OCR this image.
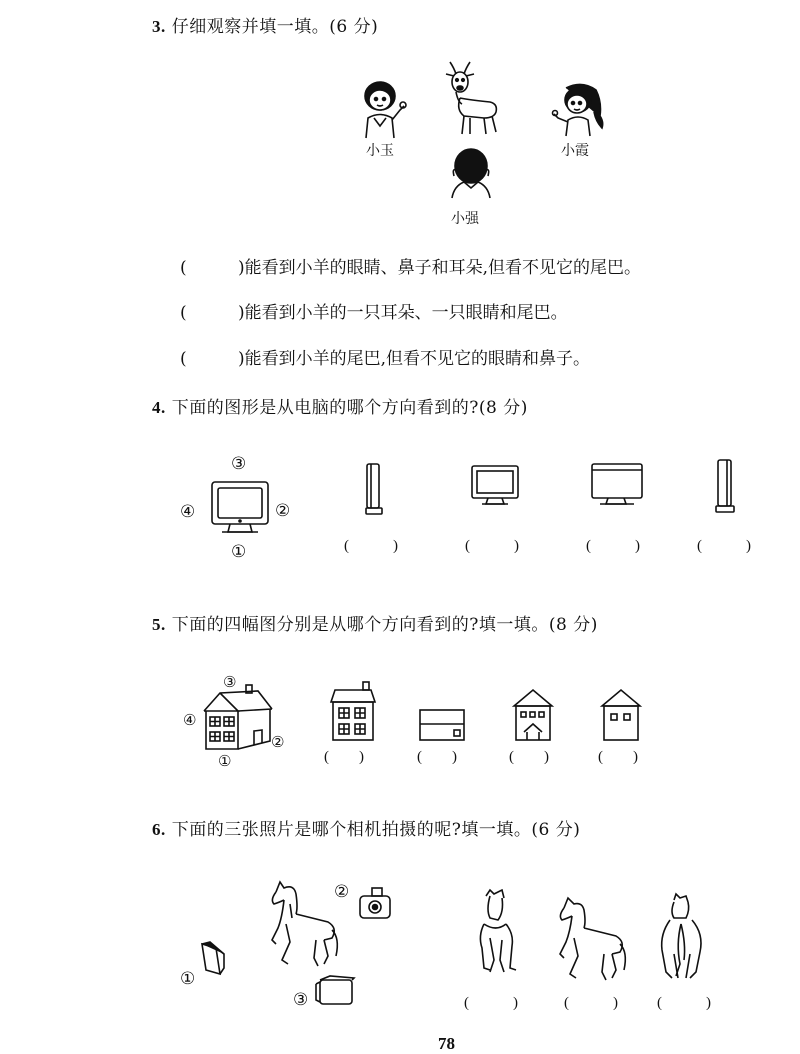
3. 仔细观察并填一填。(6 分)
小玉	小霞
小强
(	)能看到小羊的眼睛、鼻子和耳朵,但看不见它的尾巴。
(	)能看到小羊的一只耳朵、一只眼睛和尾巴。
(	)能看到小羊的尾巴,但看不见它的眼睛和鼻子。
4. 下面的图形是从电脑的哪个方向看到的?(8 分)
③
②
①
④
(	)	(	)	(	)	(	)
5. 下面的四幅图分别是从哪个方向看到的?填一填。(8 分)
③
②
①
④
( )	( )	( )	( )
6. 下面的三张照片是哪个相机拍摄的呢?填一填。(6 分)
②
①
③	(	)	(	)	(	)
78
